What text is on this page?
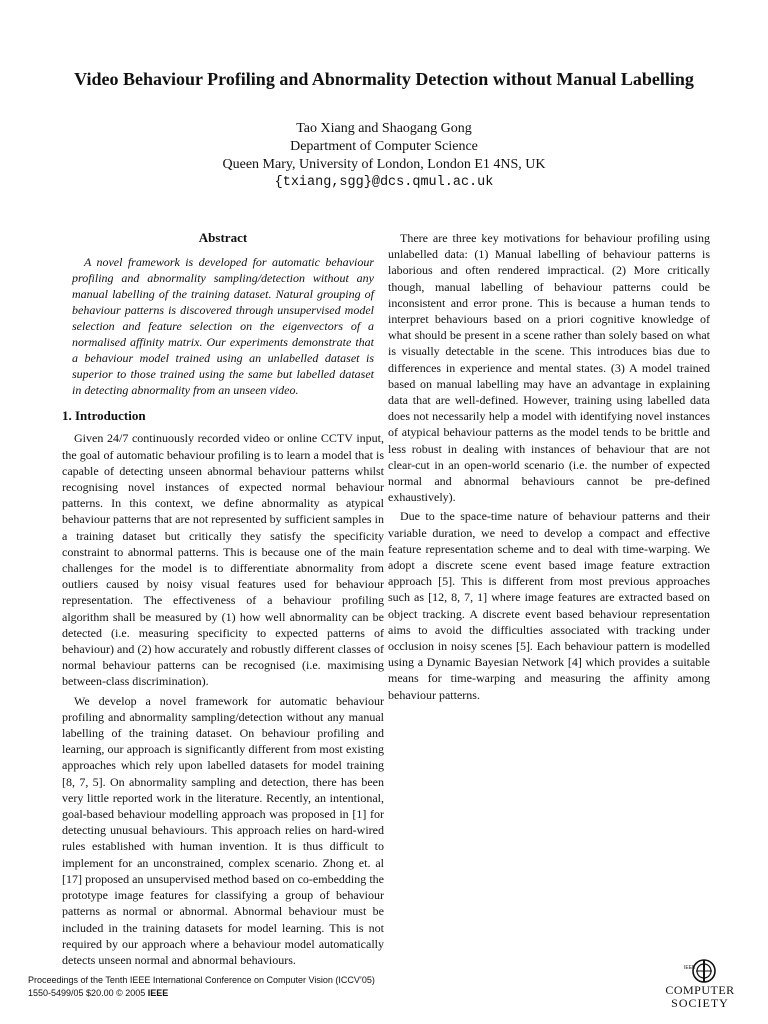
Video Behaviour Profiling and Abnormality Detection without Manual Labelling
Tao Xiang and Shaogang Gong
Department of Computer Science
Queen Mary, University of London, London E1 4NS, UK
{txiang,sgg}@dcs.qmul.ac.uk
Abstract

A novel framework is developed for automatic behaviour profiling and abnormality sampling/detection without any manual labelling of the training dataset. Natural grouping of behaviour patterns is discovered through unsupervised model selection and feature selection on the eigenvectors of a normalised affinity matrix. Our experiments demonstrate that a behaviour model trained using an unlabelled dataset is superior to those trained using the same but labelled dataset in detecting abnormality from an unseen video.

1. Introduction

Given 24/7 continuously recorded video or online CCTV input, the goal of automatic behaviour profiling is to learn a model that is capable of detecting unseen abnormal behaviour patterns whilst recognising novel instances of expected normal behaviour patterns. In this context, we define abnormality as atypical behaviour patterns that are not represented by sufficient samples in a training dataset but critically they satisfy the specificity constraint to abnormal patterns. This is because one of the main challenges for the model is to differentiate abnormality from outliers caused by noisy visual features used for behaviour representation. The effectiveness of a behaviour profiling algorithm shall be measured by (1) how well abnormality can be detected (i.e. measuring specificity to expected patterns of behaviour) and (2) how accurately and robustly different classes of normal behaviour patterns can be recognised (i.e. maximising between-class discrimination).

We develop a novel framework for automatic behaviour profiling and abnormality sampling/detection without any manual labelling of the training dataset. On behaviour profiling and learning, our approach is significantly different from most existing approaches which rely upon labelled datasets for model training [8, 7, 5]. On abnormality sampling and detection, there has been very little reported work in the literature. Recently, an intentional, goal-based behaviour modelling approach was proposed in [1] for detecting unusual behaviours. This approach relies on hard-wired rules established with human invention. It is thus difficult to implement for an unconstrained, complex scenario. Zhong et. al [17] proposed an unsupervised method based on co-embedding the prototype image features for classifying a group of behaviour patterns as normal or abnormal. Abnormal behaviour must be included in the training datasets for model learning. This is not required by our approach where a behaviour model automatically detects unseen normal and abnormal behaviours.

There are three key motivations for behaviour profiling using unlabelled data: (1) Manual labelling of behaviour patterns is laborious and often rendered impractical. (2) More critically though, manual labelling of behaviour patterns could be inconsistent and error prone. This is because a human tends to interpret behaviours based on a priori cognitive knowledge of what should be present in a scene rather than solely based on what is visually detectable in the scene. This introduces bias due to differences in experience and mental states. (3) A model trained based on manual labelling may have an advantage in explaining data that are well-defined. However, training using labelled data does not necessarily help a model with identifying novel instances of atypical behaviour patterns as the model tends to be brittle and less robust in dealing with instances of behaviour that are not clear-cut in an open-world scenario (i.e. the number of expected normal and abnormal behaviours cannot be pre-defined exhaustively).

Due to the space-time nature of behaviour patterns and their variable duration, we need to develop a compact and effective feature representation scheme and to deal with time-warping. We adopt a discrete scene event based image feature extraction approach [5]. This is different from most previous approaches such as [12, 8, 7, 1] where image features are extracted based on object tracking. A discrete event based behaviour representation aims to avoid the difficulties associated with tracking under occlusion in noisy scenes [5]. Each behaviour pattern is modelled using a Dynamic Bayesian Network [4] which provides a suitable means for time-warping and measuring the affinity among behaviour patterns.

Proceedings of the Tenth IEEE International Conference on Computer Vision (ICCV’05)
1550-5499/05 $20.00 © 2005 IEEE
IEEE
COMPUTER
SOCIETY
